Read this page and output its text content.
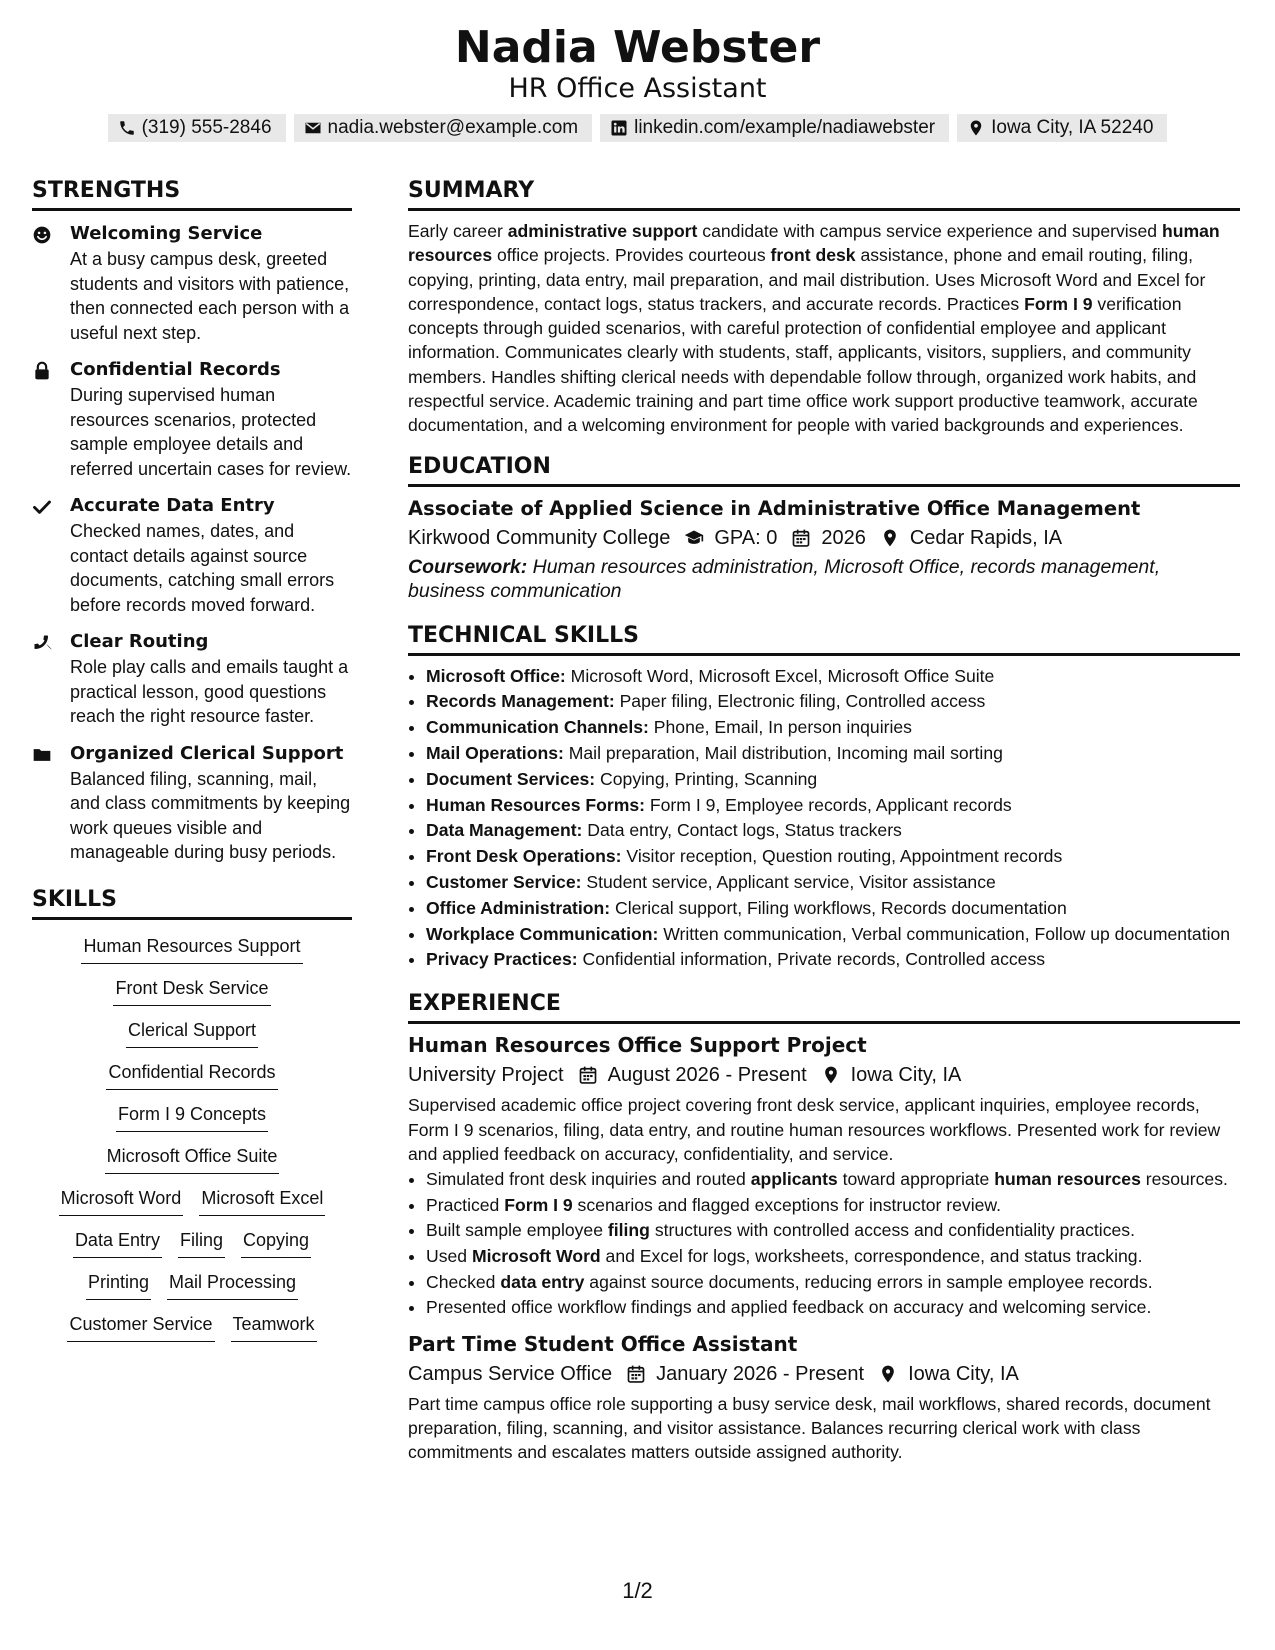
Nadia Webster
HR Office Assistant
(319) 555-2846	nadia.webster@example.com	linkedin.com/example/nadiawebster	Iowa City, IA 52240
STRENGTHS
Welcoming Service
At a busy campus desk, greeted students and visitors with patience, then connected each person with a useful next step.
Confidential Records
During supervised human resources scenarios, protected sample employee details and referred uncertain cases for review.
Accurate Data Entry
Checked names, dates, and contact details against source documents, catching small errors before records moved forward.
Clear Routing
Role play calls and emails taught a practical lesson, good questions reach the right resource faster.
Organized Clerical Support
Balanced filing, scanning, mail, and class commitments by keeping work queues visible and manageable during busy periods.
SKILLS
Human Resources Support
Front Desk Service
Clerical Support
Confidential Records
Form I 9 Concepts
Microsoft Office Suite
Microsoft Word Microsoft Excel
Data Entry Filing Copying
Printing Mail Processing
Customer Service Teamwork
SUMMARY

Early career administrative support candidate with campus service experience and supervised human resources office projects. Provides courteous front desk assistance, phone and email routing, filing, copying, printing, data entry, mail preparation, and mail distribution. Uses Microsoft Word and Excel for correspondence, contact logs, status trackers, and accurate records. Practices Form I 9 verification concepts through guided scenarios, with careful protection of confidential employee and applicant information. Communicates clearly with students, staff, applicants, visitors, suppliers, and community members. Handles shifting clerical needs with dependable follow through, organized work habits, and respectful service. Academic training and part time office work support productive teamwork, accurate documentation, and a welcoming environment for people with varied backgrounds and experiences.

EDUCATION
Associate of Applied Science in Administrative Office Management
Kirkwood Community College GPA: 0 2026 Cedar Rapids, IA
Coursework: Human resources administration, Microsoft Office, records management, business communication
TECHNICAL SKILLS
• Microsoft Office: Microsoft Word, Microsoft Excel, Microsoft Office Suite
• Records Management: Paper filing, Electronic filing, Controlled access
• Communication Channels: Phone, Email, In person inquiries
• Mail Operations: Mail preparation, Mail distribution, Incoming mail sorting
• Document Services: Copying, Printing, Scanning
• Human Resources Forms: Form I 9, Employee records, Applicant records
• Data Management: Data entry, Contact logs, Status trackers
• Front Desk Operations: Visitor reception, Question routing, Appointment records
• Customer Service: Student service, Applicant service, Visitor assistance
• Office Administration: Clerical support, Filing workflows, Records documentation
• Workplace Communication: Written communication, Verbal communication, Follow up documentation
• Privacy Practices: Confidential information, Private records, Controlled access
EXPERIENCE
Human Resources Office Support Project
University Project August 2026 - Present Iowa City, IA

Supervised academic office project covering front desk service, applicant inquiries, employee records, Form I 9 scenarios, filing, data entry, and routine human resources workflows. Presented work for review and applied feedback on accuracy, confidentiality, and service.

• Simulated front desk inquiries and routed applicants toward appropriate human resources resources.
• Practiced Form I 9 scenarios and flagged exceptions for instructor review.
• Built sample employee filing structures with controlled access and confidentiality practices.
• Used Microsoft Word and Excel for logs, worksheets, correspondence, and status tracking.
• Checked data entry against source documents, reducing errors in sample employee records.
• Presented office workflow findings and applied feedback on accuracy and welcoming service.
Part Time Student Office Assistant
Campus Service Office January 2026 - Present Iowa City, IA

Part time campus office role supporting a busy service desk, mail workflows, shared records, document preparation, filing, scanning, and visitor assistance. Balances recurring clerical work with class commitments and escalates matters outside assigned authority.

1/2
